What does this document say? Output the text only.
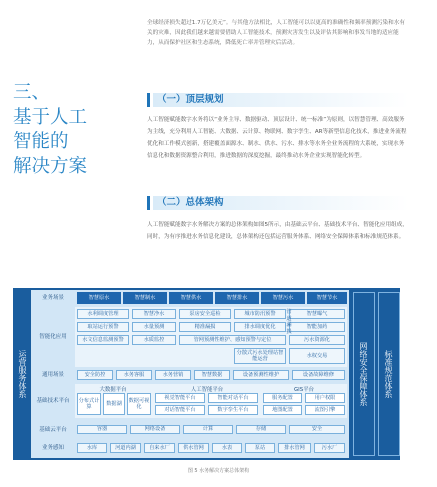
全球经济损失超过1.7万亿美元”。与其他方法相比，人工智能可以以更高的准确性和频率预测污染和水有关的灾难，因此我们越来越需要借助人工智能技术，预测灾害发生以及评估其影响和事发当地的适应能力，从而保护社区和生态系统，降低死亡率并管理灾后活动。
三、
基于人工
智能的
解决方案
（一）顶层规划
人工智能赋能数字水务将以“业务主导、数据驱动、顶层设计、统一标准”为原则，以智慧管理、高效服务为主线，充分利用人工智能、大数据、云计算、物联网、数字孪生、AR等新型信息化技术，推进业务流程优化和工作模式创新，搭建覆盖面源水、制水、供水、污水、排水等水务全业务流程的大系统，实现水务信息化和数据资源整合利用，推进数据的深度挖掘，最终推动水务企业实现智能化转型。
（二）总体架构
人工智能赋能数字水务解决方案的总体架构如图5所示，由基础云平台、基础技术平台、智能化应用组成，同时，为有序推进水务信息化建设，总体架构还包括运营服务体系、网络安全保障体系和标准规范体系。
运营服务体系	网络安全保障体系 标准规范体系
业务场景	智慧原水	智慧制水	智慧供水	智慧排水	智慧污水	智慧节水
智能化应用
水利调度管理	智慧净水	泵房安全巡检	城市防汛预警	智慧曝气
取站运行预警	水量预测	精准漏损	排水调度优化	智能加药
水文信息监测预警	水质监控	管网预测性维护、感知预警与定位	污水资源化
分散式污水处理站智能运营
水权交易
通用场景	安全防控	水务客服	水务营销	智慧数据	设备预测性维护	设备故障维修
基础技术平台
大数据平台
分布式计算
数据湖
数据可视化
人工智能平台
视觉智能平台	智能对话平台
对话智能平台	数字孪生平台
GIS平台
服务配置	用户权限
地图配置	流图引擎
基础云平台	容器	网络设备	计算	存储	安全
业务感知	水库	河道内湖	自来水厂	供水管网	水表	泵站	排水管网	污水厂
图 5 水务解决方案总体架构
